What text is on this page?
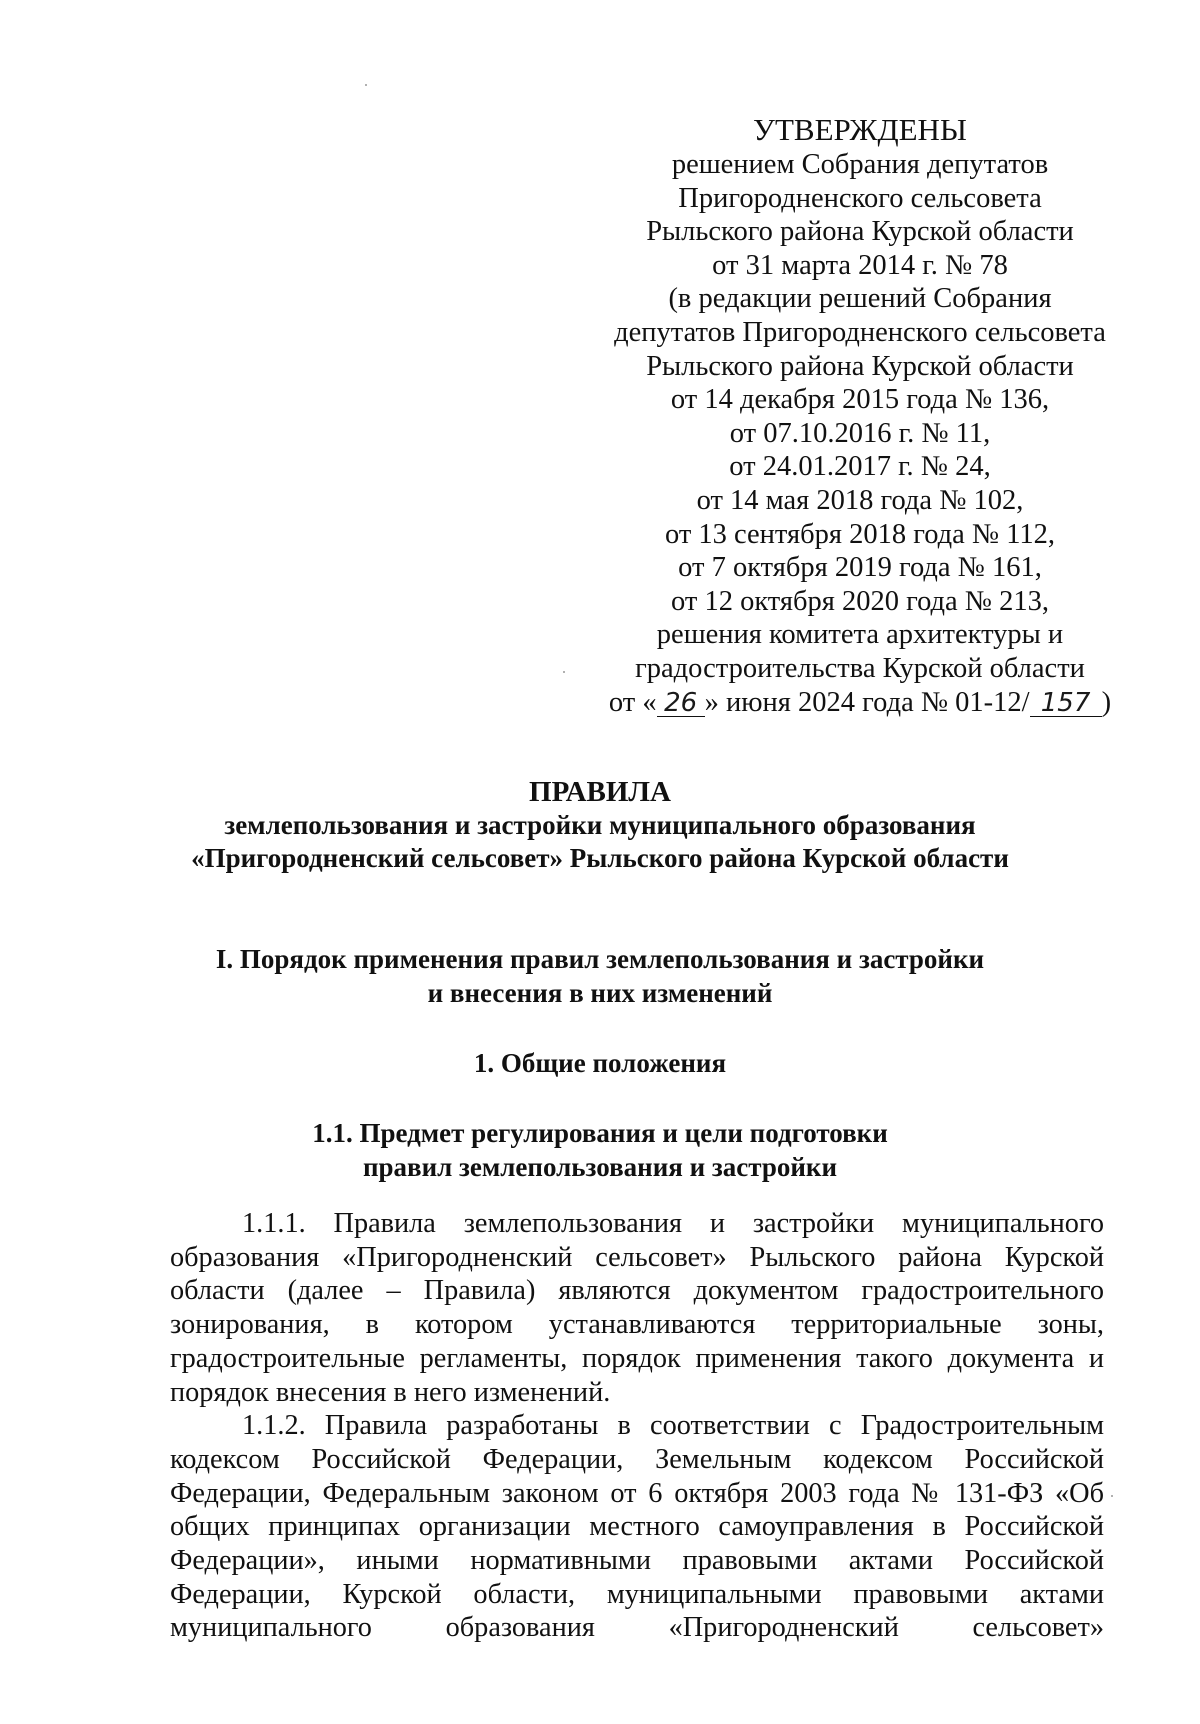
УТВЕРЖДЕНЫ
решением Собрания депутатов
Пригородненского сельсовета
Рыльского района Курской области
от 31 марта 2014 г. № 78
(в редакции решений Собрания
депутатов Пригородненского сельсовета
Рыльского района Курской области
от 14 декабря 2015 года № 136,
от 07.10.2016 г. № 11,
от 24.01.2017 г. № 24,
от 14 мая 2018 года № 102,
от 13 сентября 2018 года № 112,
от 7 октября 2019 года № 161,
от 12 октября 2020 года № 213,
решения комитета архитектуры и
градостроительства Курской области
от « 26 » июня 2024 года № 01-12/ 157 )
ПРАВИЛА
землепользования и застройки муниципального образования
«Пригородненский сельсовет» Рыльского района Курской области
I. Порядок применения правил землепользования и застройки
и внесения в них изменений
1. Общие положения
1.1. Предмет регулирования и цели подготовки
правил землепользования и застройки

1.1.1. Правила землепользования и застройки муниципального образования «Пригородненский сельсовет» Рыльского района Курской области (далее – Правила) являются документом градостроительного зонирования, в котором устанавливаются территориальные зоны, градостроительные регламенты, порядок применения такого документа и порядок внесения в него изменений.

1.1.2. Правила разработаны в соответствии с Градостроительным кодексом Российской Федерации, Земельным кодексом Российской Федерации, Федеральным законом от 6 октября 2003 года № 131-ФЗ «Об общих принципах организации местного самоуправления в Российской Федерации», иными нормативными правовыми актами Российской Федерации, Курской области, муниципальными правовыми актами муниципального образования «Пригородненский сельсовет»
